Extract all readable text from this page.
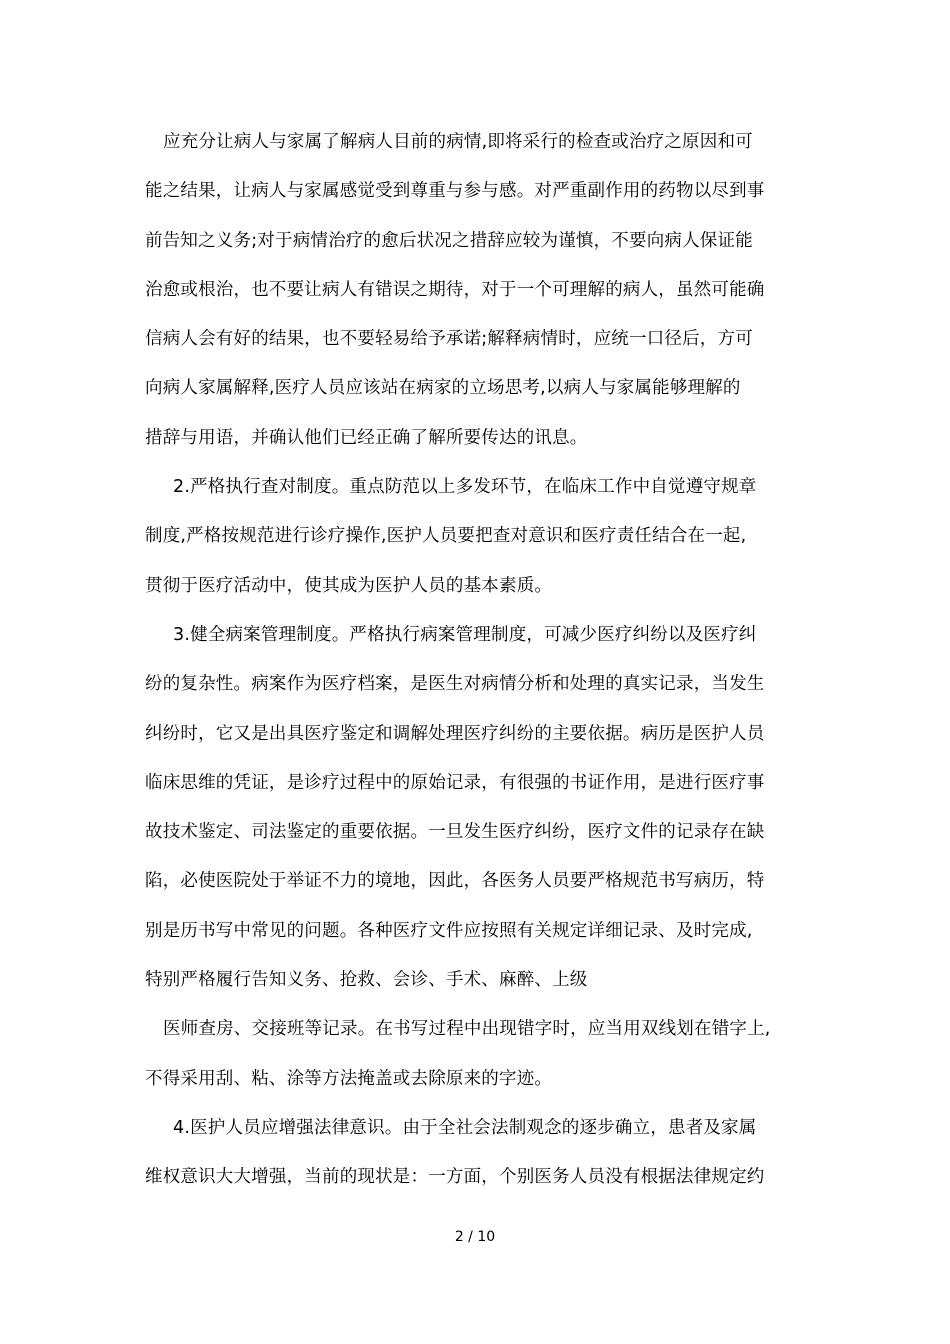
应充分让病人与家属了解病人目前的病情,即将采行的检查或治疗之原因和可
能之结果，让病人与家属感觉受到尊重与参与感。对严重副作用的药物以尽到事
前告知之义务;对于病情治疗的愈后状况之措辞应较为谨慎，不要向病人保证能
治愈或根治，也不要让病人有错误之期待，对于一个可理解的病人，虽然可能确
信病人会有好的结果，也不要轻易给予承诺;解释病情时，应统一口径后，方可
向病人家属解释,医疗人员应该站在病家的立场思考,以病人与家属能够理解的
措辞与用语，并确认他们已经正确了解所要传达的讯息。
2.严格执行查对制度。重点防范以上多发环节，在临床工作中自觉遵守规章
制度,严格按规范进行诊疗操作,医护人员要把查对意识和医疗责任结合在一起,
贯彻于医疗活动中，使其成为医护人员的基本素质。
3.健全病案管理制度。严格执行病案管理制度，可减少医疗纠纷以及医疗纠
纷的复杂性。病案作为医疗档案，是医生对病情分析和处理的真实记录，当发生
纠纷时，它又是出具医疗鉴定和调解处理医疗纠纷的主要依据。病历是医护人员
临床思维的凭证，是诊疗过程中的原始记录，有很强的书证作用，是进行医疗事
故技术鉴定、司法鉴定的重要依据。一旦发生医疗纠纷，医疗文件的记录存在缺
陷，必使医院处于举证不力的境地，因此，各医务人员要严格规范书写病历，特
别是历书写中常见的问题。各种医疗文件应按照有关规定详细记录、及时完成,
特别严格履行告知义务、抢救、会诊、手术、麻醉、上级
医师查房、交接班等记录。在书写过程中出现错字时，应当用双线划在错字上,
不得采用刮、粘、涂等方法掩盖或去除原来的字迹。
4.医护人员应增强法律意识。由于全社会法制观念的逐步确立，患者及家属
维权意识大大增强，当前的现状是：一方面，个别医务人员没有根据法律规定约
2 / 10
